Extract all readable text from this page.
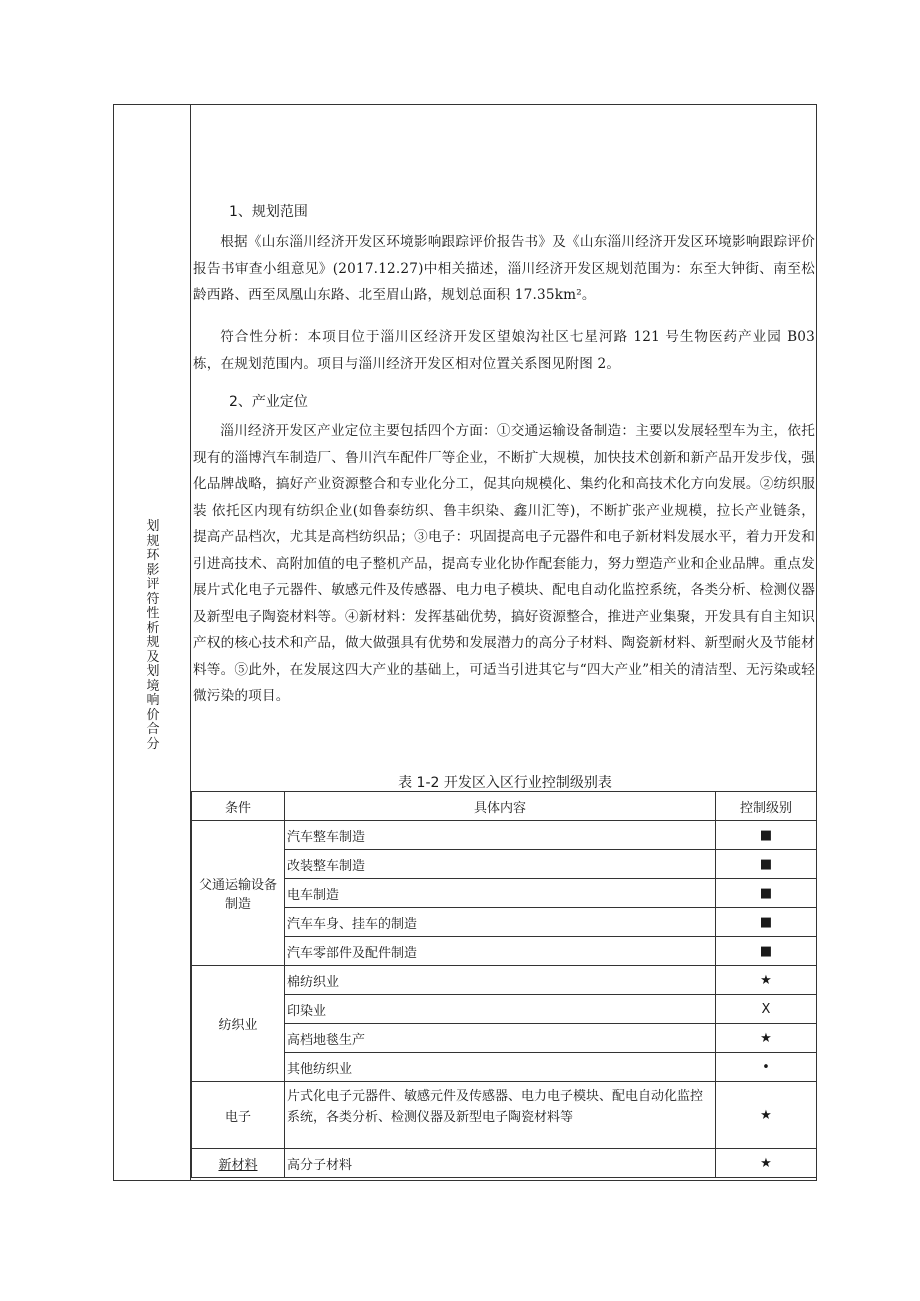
划
规
环
影
评
符
性
析
规
及
划
境
响
价
合
分
1、规划范围
根据《山东淄川经济开发区环境影响跟踪评价报告书》及《山东淄川经济开发区环境影响跟踪评价报告书审查小组意见》(2017.12.27)中相关描述，淄川经济开发区规划范围为：东至大钟街、南至松龄西路、西至凤凰山东路、北至眉山路，规划总面积 17.35km²。
符合性分析：本项目位于淄川区经济开发区望娘沟社区七星河路 121 号生物医药产业园 B03 栋，在规划范围内。项目与淄川经济开发区相对位置关系图见附图 2。
2、产业定位
淄川经济开发区产业定位主要包括四个方面：①交通运输设备制造：主要以发展轻型车为主，依托现有的淄博汽车制造厂、鲁川汽车配件厂等企业，不断扩大规模，加快技术创新和新产品开发步伐，强化品牌战略，搞好产业资源整合和专业化分工，促其向规模化、集约化和高技术化方向发展。②纺织服装 依托区内现有纺织企业(如鲁泰纺织、鲁丰织染、鑫川汇等)，不断扩张产业规模，拉长产业链条，提高产品档次，尤其是高档纺织品；③电子：巩固提高电子元器件和电子新材料发展水平，着力开发和引进高技术、高附加值的电子整机产品，提高专业化协作配套能力，努力塑造产业和企业品牌。重点发展片式化电子元器件、敏感元件及传感器、电力电子模块、配电自动化监控系统，各类分析、检测仪器及新型电子陶瓷材料等。④新材料：发挥基础优势，搞好资源整合，推进产业集聚，开发具有自主知识产权的核心技术和产品，做大做强具有优势和发展潜力的高分子材料、陶瓷新材料、新型耐火及节能材料等。⑤此外，在发展这四大产业的基础上，可适当引进其它与“四大产业”相关的清洁型、无污染或轻微污染的项目。
表 1-2 开发区入区行业控制级别表
条件	具体内容	控制级别
父通运输设备制造	汽车整车制造	■
	改装整车制造	■
	电车制造	■
	汽车车身、挂车的制造	■
	汽车零部件及配件制造	■
纺织业	棉纺织业	★
	印染业	X
	高档地毯生产	★
	其他纺织业	•
电子	片式化电子元器件、敏感元件及传感器、电力电子模块、配电自动化监控系统，各类分析、检测仪器及新型电子陶瓷材料等	★
新材料	高分子材料	★
